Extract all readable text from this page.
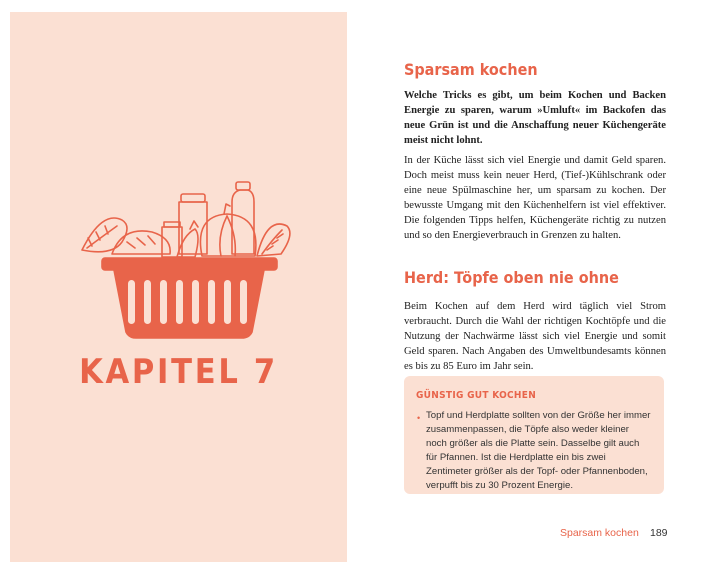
KAPITEL 7
Sparsam kochen

Welche Tricks es gibt, um beim Kochen und Backen Energie zu sparen, warum »Umluft« im Backofen das neue Grün ist und die Anschaffung neuer Küchengeräte meist nicht lohnt.

In der Küche lässt sich viel Energie und damit Geld sparen. Doch meist muss kein neuer Herd, (Tief-)Kühlschrank oder eine neue Spülmaschine her, um sparsam zu kochen. Der bewusste Umgang mit den Küchenhelfern ist viel effektiver. Die folgenden Tipps helfen, Küchengeräte richtig zu nutzen und so den Energieverbrauch in Grenzen zu halten.

Herd: Töpfe oben nie ohne

Beim Kochen auf dem Herd wird täglich viel Strom verbraucht. Durch die Wahl der richtigen Kochtöpfe und die Nutzung der Nachwärme lässt sich viel Energie und somit Geld sparen. Nach Angaben des Umweltbundesamts können es bis zu 85 Euro im Jahr sein.

GÜNSTIG GUT KOCHEN
• Topf und Herdplatte sollten von der Größe her immer zusammenpassen, die Töpfe also weder kleiner noch größer als die Platte sein. Dasselbe gilt auch für Pfannen. Ist die Herdplatte ein bis zwei Zentimeter größer als der Topf- oder Pfannenboden, verpufft bis zu 30 Prozent Energie.

Sparsam kochen 189
